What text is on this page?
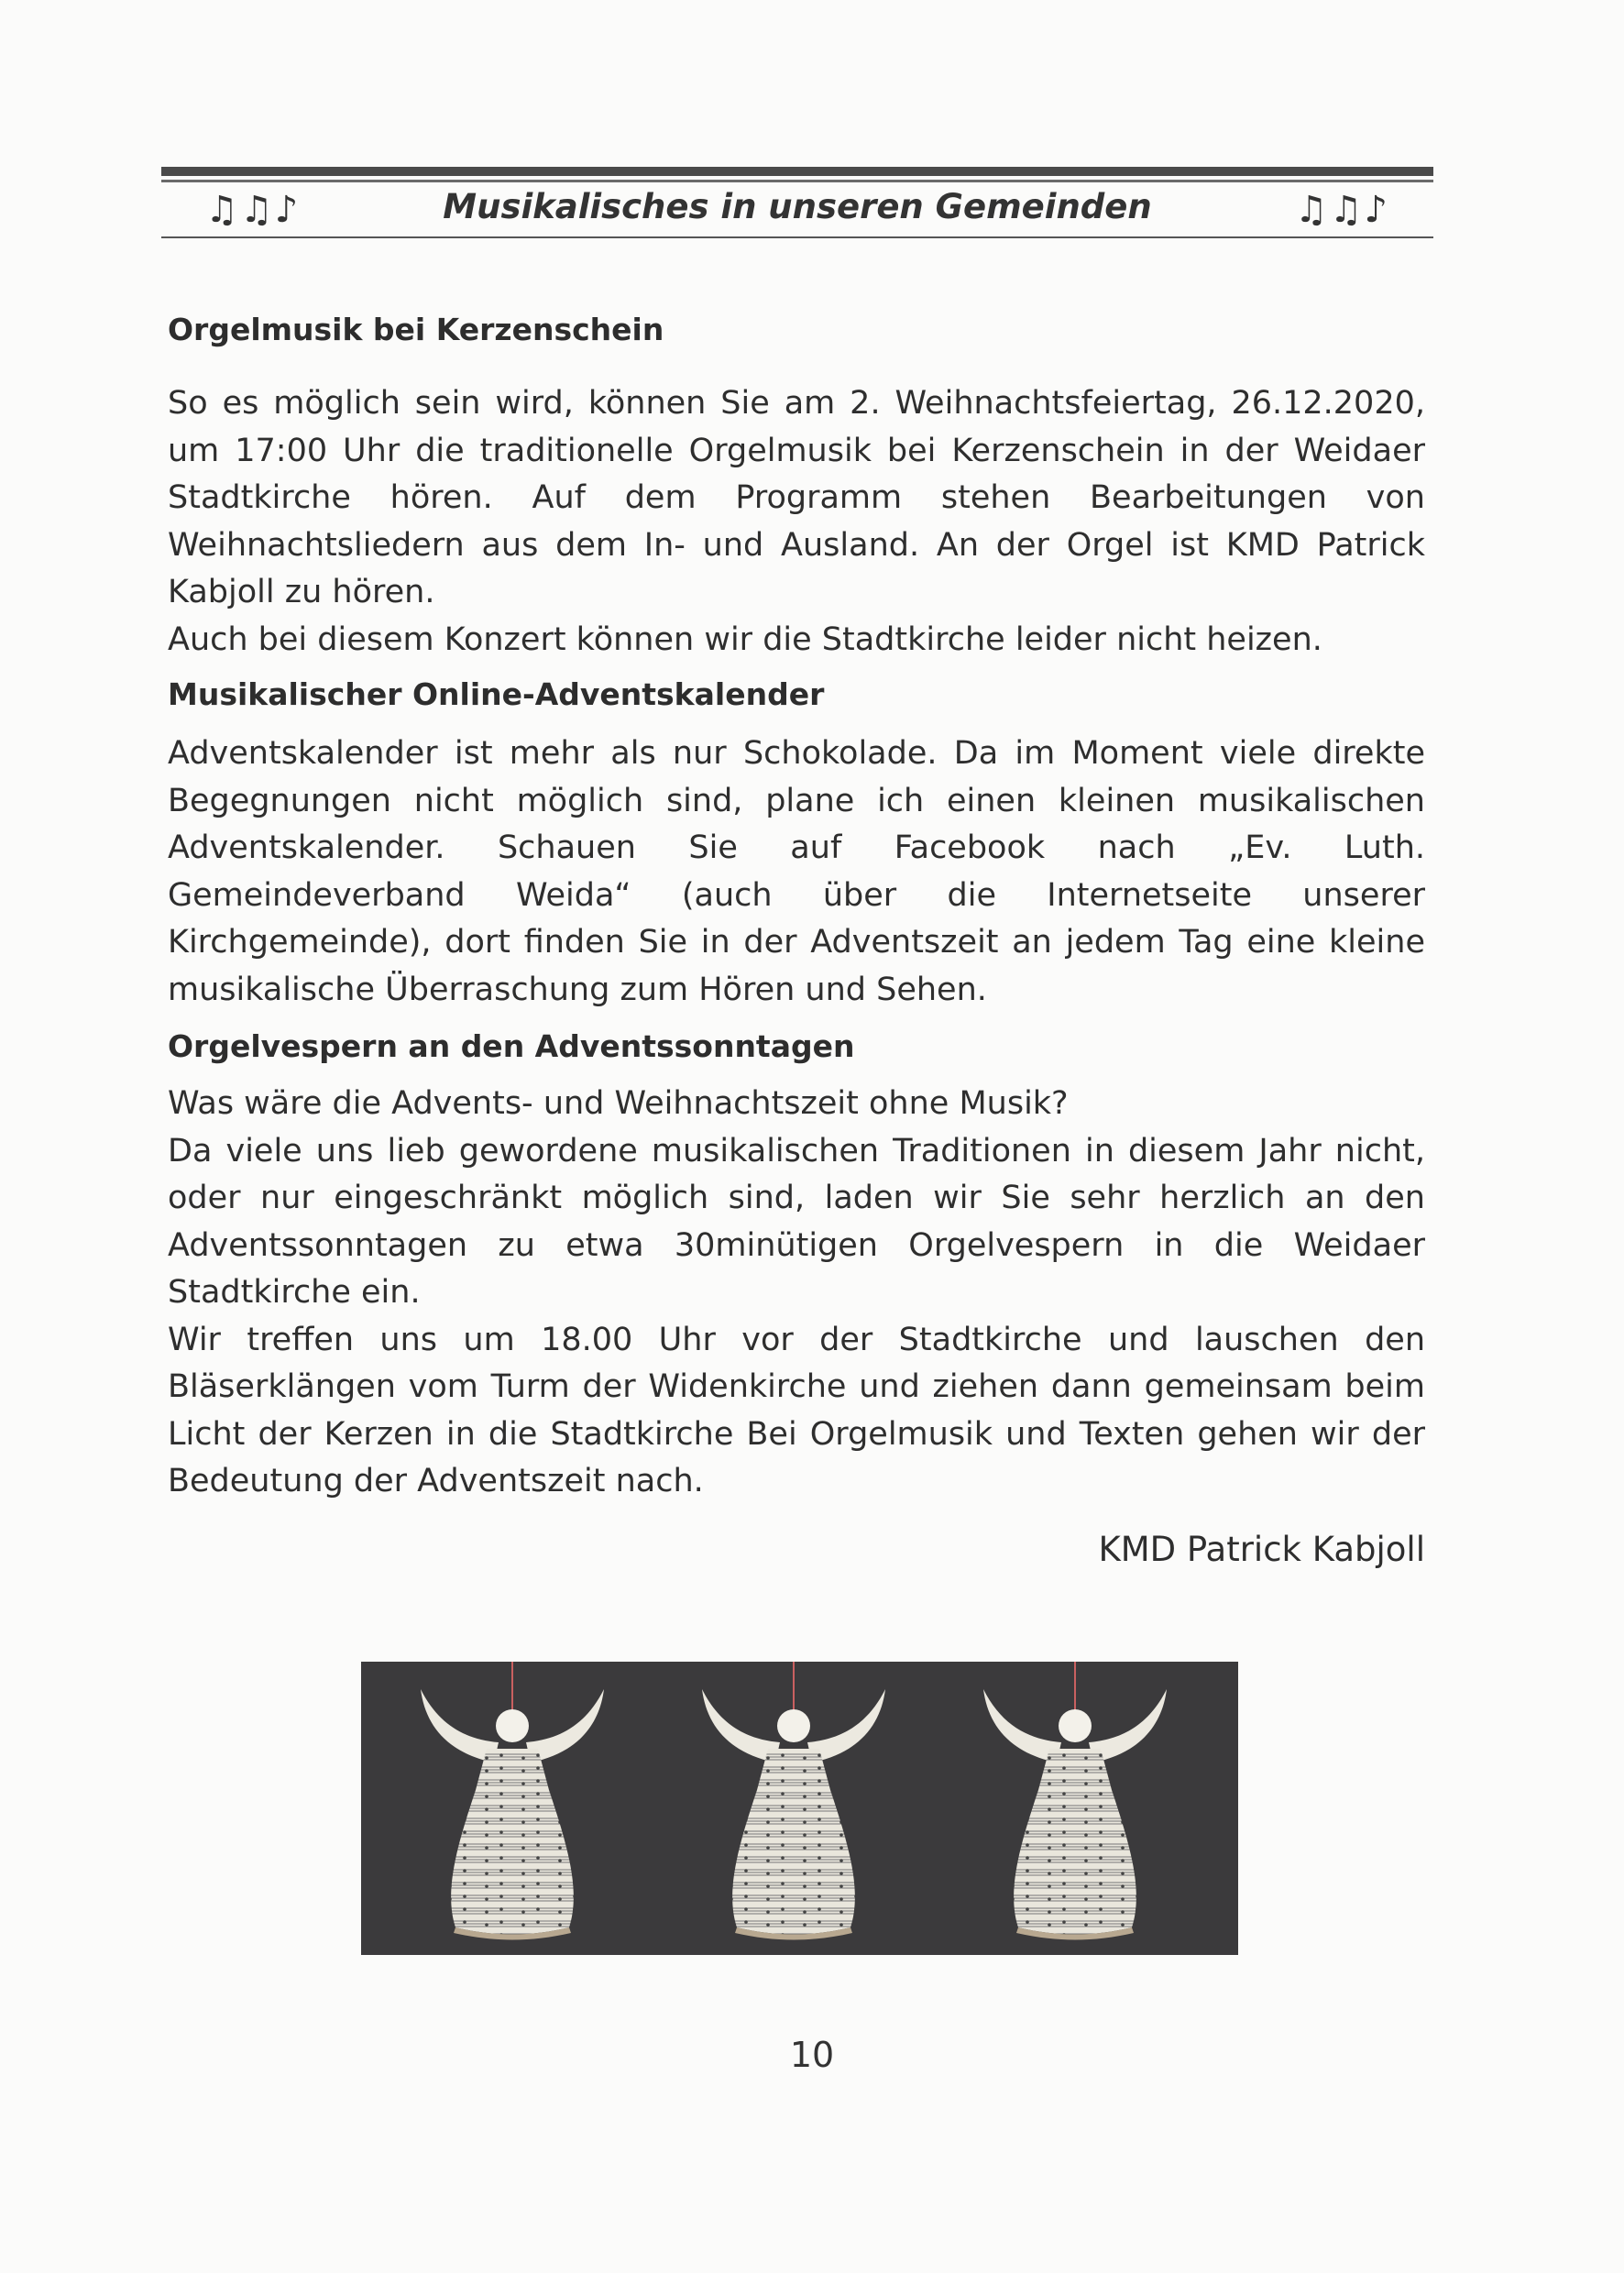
♫♫♪	Musikalisches in unseren Gemeinden	♫♫♪
Orgelmusik bei Kerzenschein

So es möglich sein wird, können Sie am 2. Weihnachtsfeiertag, 26.12.2020, um 17:00 Uhr die traditionelle Orgelmusik bei Kerzenschein in der Weidaer Stadtkirche hören. Auf dem Programm stehen Bearbeitungen von Weihnachtsliedern aus dem In- und Ausland. An der Orgel ist KMD Patrick Kabjoll zu hören.

Auch bei diesem Konzert können wir die Stadtkirche leider nicht heizen.

Musikalischer Online-Adventskalender

Adventskalender ist mehr als nur Schokolade. Da im Moment viele direkte Begegnungen nicht möglich sind, plane ich einen kleinen musikalischen Adventskalender. Schauen Sie auf Facebook nach „Ev. Luth. Gemeindeverband Weida“ (auch über die Internetseite unserer Kirchgemeinde), dort finden Sie in der Adventszeit an jedem Tag eine kleine musikalische Überraschung zum Hören und Sehen.

Orgelvespern an den Adventssonntagen

Was wäre die Advents- und Weihnachtszeit ohne Musik?

Da viele uns lieb gewordene musikalischen Traditionen in diesem Jahr nicht, oder nur eingeschränkt möglich sind, laden wir Sie sehr herzlich an den Adventssonntagen zu etwa 30minütigen Orgelvespern in die Weidaer Stadtkirche ein.

Wir treffen uns um 18.00 Uhr vor der Stadtkirche und lauschen den Bläserklängen vom Turm der Widenkirche und ziehen dann gemeinsam beim Licht der Kerzen in die Stadtkirche Bei Orgelmusik und Texten gehen wir der Bedeutung der Adventszeit nach.

KMD Patrick Kabjoll

10
